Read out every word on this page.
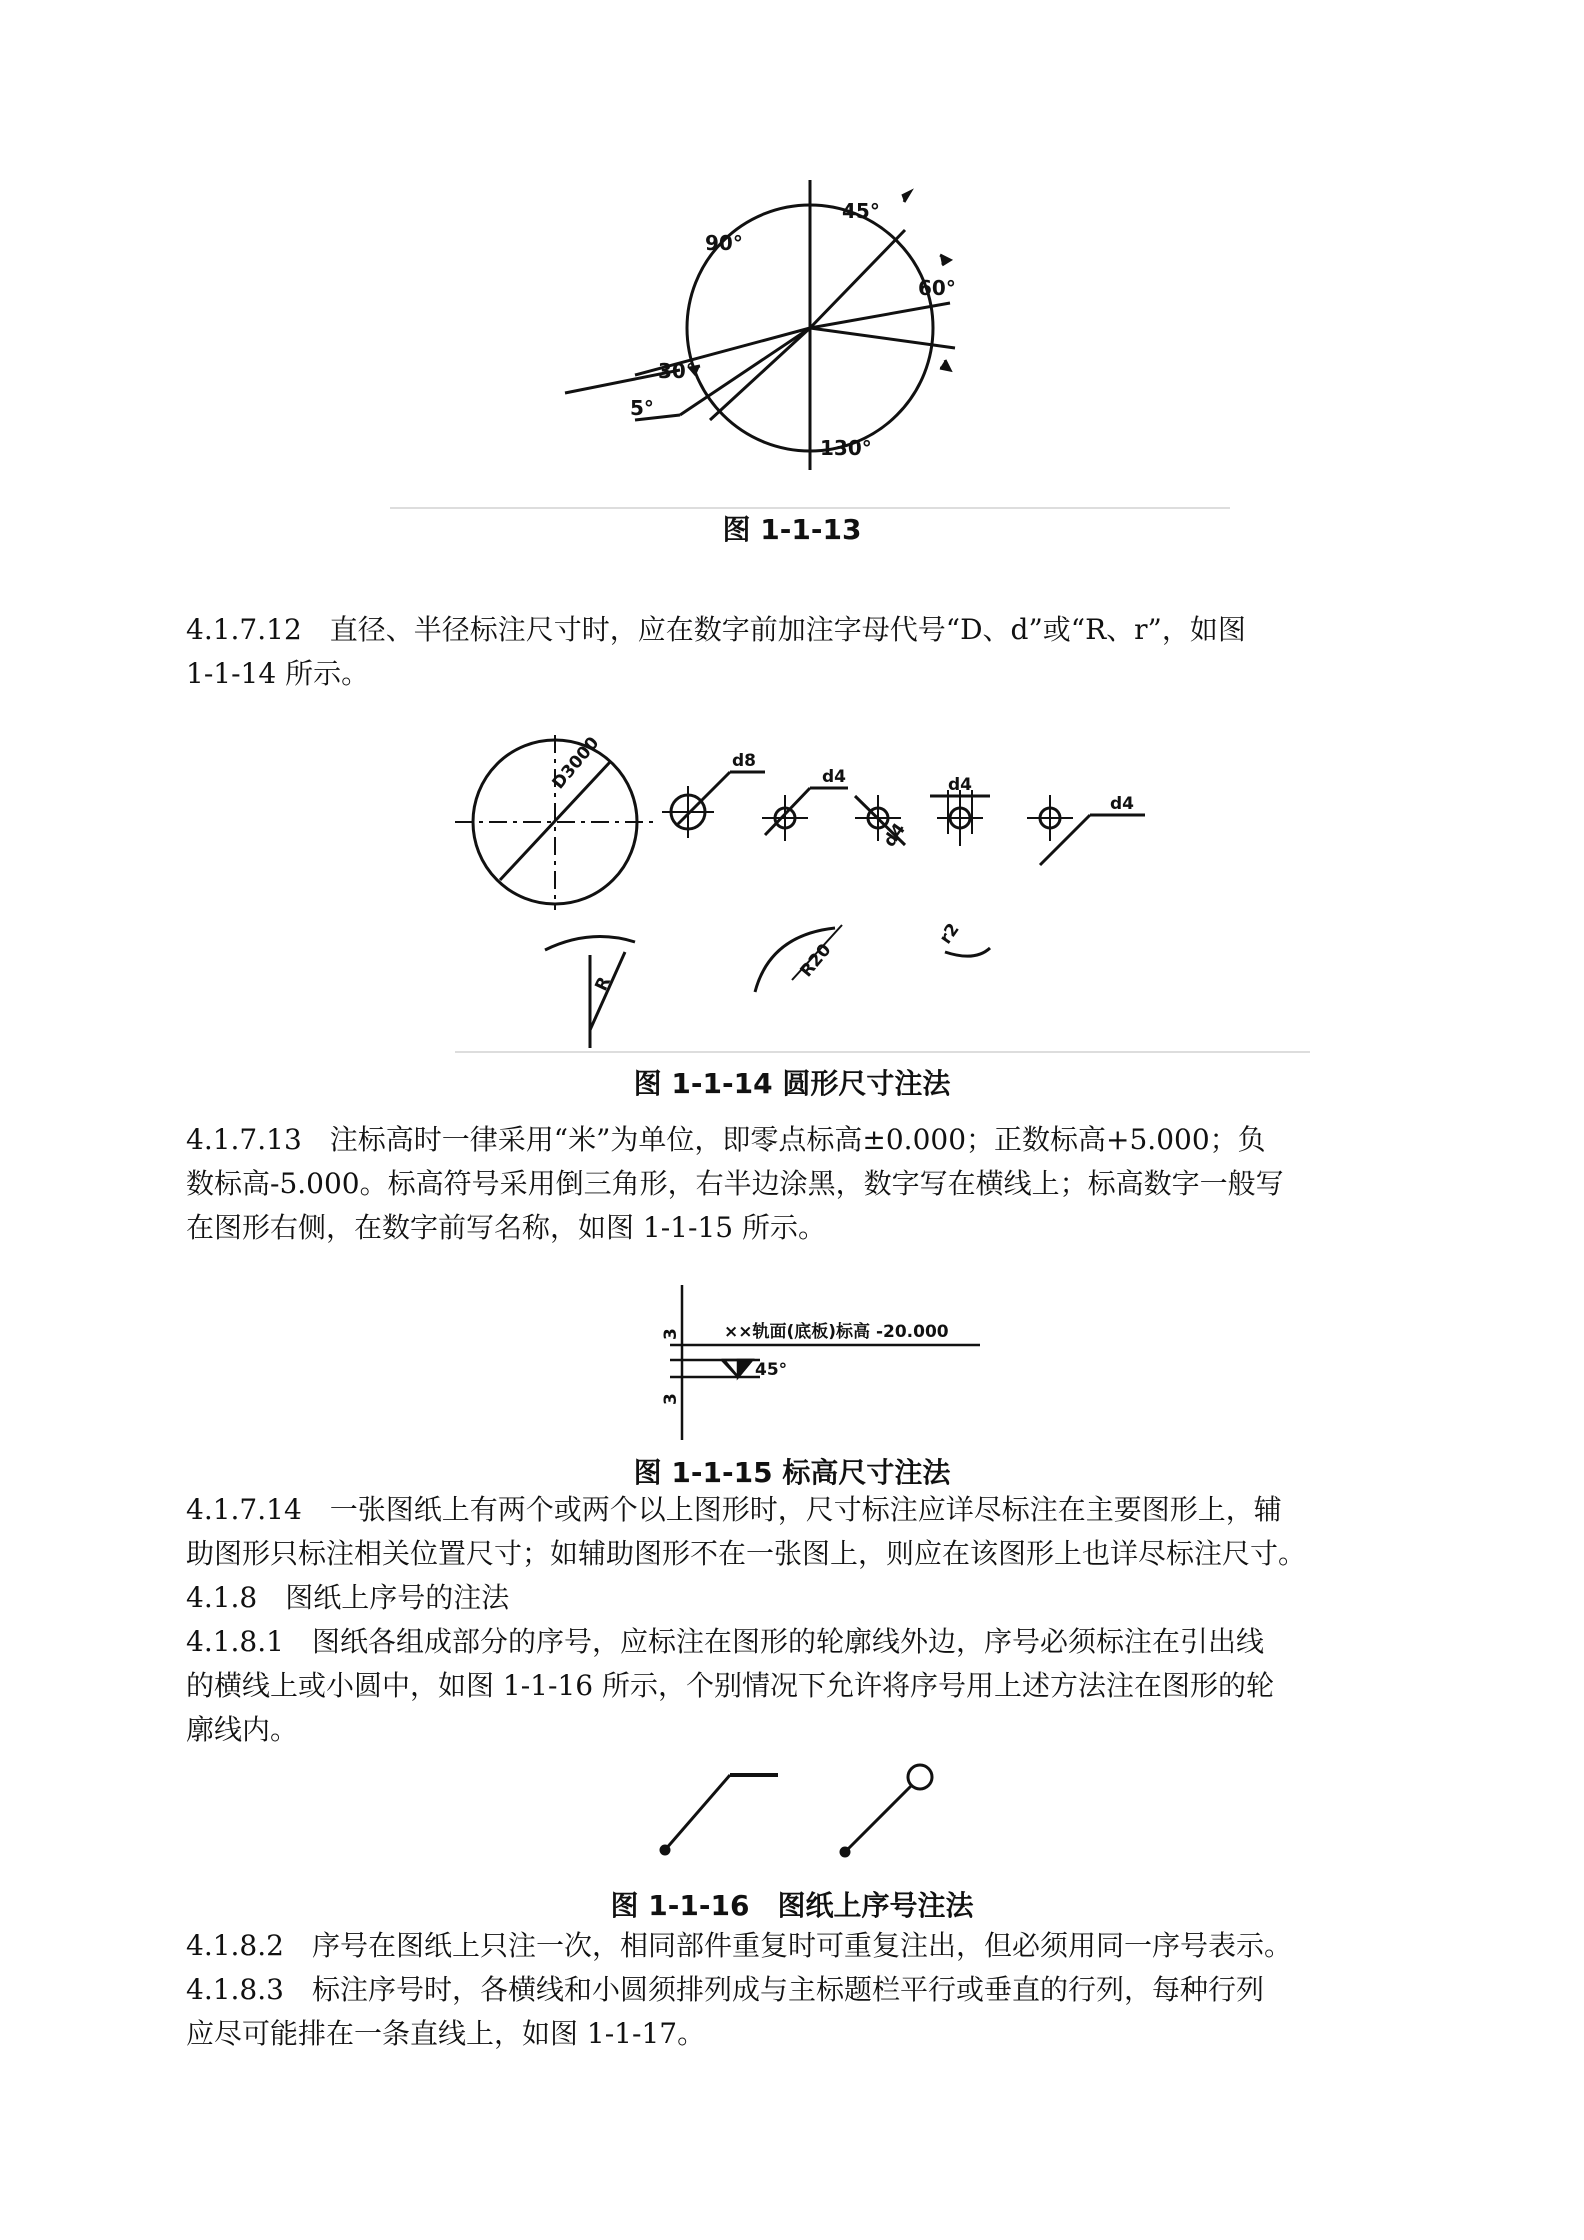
45°
90°
60°
30°
5°
130°
图 1-1-13

4.1.7.12　直径、半径标注尺寸时，应在数字前加注字母代号“D、d”或“R、r”，如图

1-1-14 所示。

D3000	d8
d4
d4
d4
d4
R
R20
r2
图 1-1-14 圆形尺寸注法

4.1.7.13　注标高时一律采用“米”为单位，即零点标高±0.000；正数标高+5.000；负

数标高-5.000。标高符号采用倒三角形，右半边涂黑，数字写在横线上；标高数字一般写

在图形右侧，在数字前写名称，如图 1-1-15 所示。

3
3
××轨面(底板)标高 -20.000
45°
图 1-1-15 标高尺寸注法

4.1.7.14　一张图纸上有两个或两个以上图形时，尺寸标注应详尽标注在主要图形上，辅

助图形只标注相关位置尺寸；如辅助图形不在一张图上，则应在该图形上也详尽标注尺寸。

4.1.8　图纸上序号的注法

4.1.8.1　图纸各组成部分的序号，应标注在图形的轮廓线外边，序号必须标注在引出线

的横线上或小圆中，如图 1-1-16 所示，个别情况下允许将序号用上述方法注在图形的轮

廓线内。

图 1-1-16　图纸上序号注法

4.1.8.2　序号在图纸上只注一次，相同部件重复时可重复注出，但必须用同一序号表示。

4.1.8.3　标注序号时，各横线和小圆须排列成与主标题栏平行或垂直的行列，每种行列

应尽可能排在一条直线上，如图 1-1-17。
